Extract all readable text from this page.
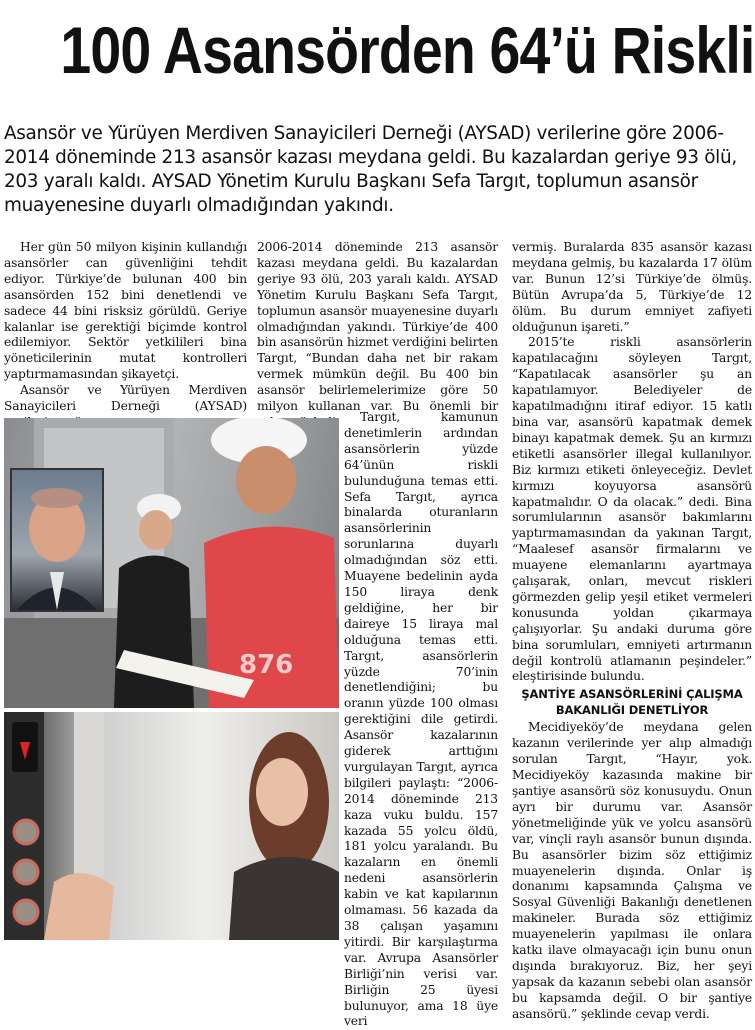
100 Asansörden 64’ü Riskli
Asansör ve Yürüyen Merdiven Sanayicileri Derneği (AYSAD) verilerine göre 2006-2014 döneminde 213 asansör kazası meydana geldi. Bu kazalardan geriye 93 ölü, 203 yaralı kaldı. AYSAD Yönetim Kurulu Başkanı Sefa Targıt, toplumun asansör muayenesine duyarlı olmadığından yakındı.

Her gün 50 milyon kişinin kullandığı asansörler can güvenliğini tehdit ediyor. Türkiye’de bulunan 400 bin asansörden 152 bini denetlendi ve sadece 44 bini risksiz görüldü. Geriye kalanlar ise gerektiği biçimde kontrol edilemiyor. Sektör yetkilileri bina yöneticilerinin mutat kontrolleri yaptırmamasından şikayetçi.

Asansör ve Yürüyen Merdiven Sanayicileri Derneği (AYSAD)

2006-2014 döneminde 213 asansör kazası meydana geldi. Bu kazalardan geriye 93 ölü, 203 yaralı kaldı. AYSAD Yönetim Kurulu Başkanı Sefa Targıt, toplumun asansör muayenesine duyarlı olmadığından yakındı. Türkiye’de 400 bin asansörün hizmet verdiğini belirten Targıt, “Bundan daha net bir rakam vermek mümkün değil. Bu 400 bin asansör belirlemelerimize göre 50 milyon kullanan var. Bu önemli bir

Targıt, kamunun denetimlerin ardından asansörlerin yüzde 64’ünün riskli bulunduğuna temas etti. Sefa Targıt, ayrıca binalarda oturanların asansörlerinin sorunlarına duyarlı olmadığından söz etti. Muayene bedelinin ayda 150 liraya denk geldiğine, her bir daireye 15 liraya mal olduğuna temas etti. Targıt, asansörlerin yüzde 70’inin denetlendiğini; bu oranın yüzde 100 olması gerektiğini dile getirdi. Asansör kazalarının giderek arttığını vurgulayan Targıt, ayrıca bilgileri paylaştı: “2006-2014 döneminde 213 kaza vuku buldu. 157 kazada 55 yolcu öldü, 181 yolcu yaralandı. Bu kazaların en önemli nedeni asansörlerin kabin ve kat kapılarının olmaması. 56 kazada da 38 çalışan yaşamını yitirdi. Bir karşılaştırma var. Avrupa Asansörler Birliği’nin verisi var. Birliğin 25 üyesi bulunuyor, ama 18 üye veri

vermiş. Buralarda 835 asansör kazası meydana gelmiş, bu kazalarda 17 ölüm var. Bunun 12’si Türkiye’de ölmüş. Bütün Avrupa’da 5, Türkiye’de 12 ölüm. Bu durum emniyet zafiyeti olduğunun işareti.”

2015’te riskli asansörlerin kapatılacağını söyleyen Targıt, “Kapatılacak asansörler şu an kapatılamıyor. Belediyeler de kapatılmadığını itiraf ediyor. 15 katlı bina var, asansörü kapatmak demek binayı kapatmak demek. Şu an kırmızı etiketli asansörler illegal kullanılıyor. Biz kırmızı etiketi önleyeceğiz. Devlet kırmızı koyuyorsa asansörü kapatmalıdır. O da olacak.” dedi. Bina sorumlularının asansör bakımlarını yaptırmamasından da yakınan Targıt, “Maalesef asansör firmalarını ve muayene elemanlarını ayartmaya çalışarak, onları, mevcut riskleri görmezden gelip yeşil etiket vermeleri konusunda yoldan çıkarmaya çalışıyorlar. Şu andaki duruma göre bina sorumluları, emniyeti artırmanın değil kontrolü atlamanın peşindeler.” eleştirisinde bulundu.

ŞANTİYE ASANSÖRLERİNİ ÇALIŞMA BAKANLIĞI DENETLİYOR

Mecidiyeköy’de meydana gelen kazanın verilerinde yer alıp almadığı sorulan Targıt, “Hayır, yok. Mecidiyeköy kazasında makine bir şantiye asansörü söz konusuydu. Onun ayrı bir durumu var. Asansör yönetmeliğinde yük ve yolcu asansörü var, vinçli raylı asansör bunun dışında. Bu asansörler bizim söz ettiğimiz muayenelerin dışında. Onlar iş donanımı kapsamında Çalışma ve Sosyal Güvenliği Bakanlığı denetlenen makineler. Burada söz ettiğimiz muayenelerin yapılması ile onlara katkı ilave olmayacağı için bunu onun dışında bırakıyoruz. Biz, her şeyi yapsak da kazanın sebebi olan asansör bu kapsamda değil. O bir şantiye asansörü.” şeklinde cevap verdi.

876
